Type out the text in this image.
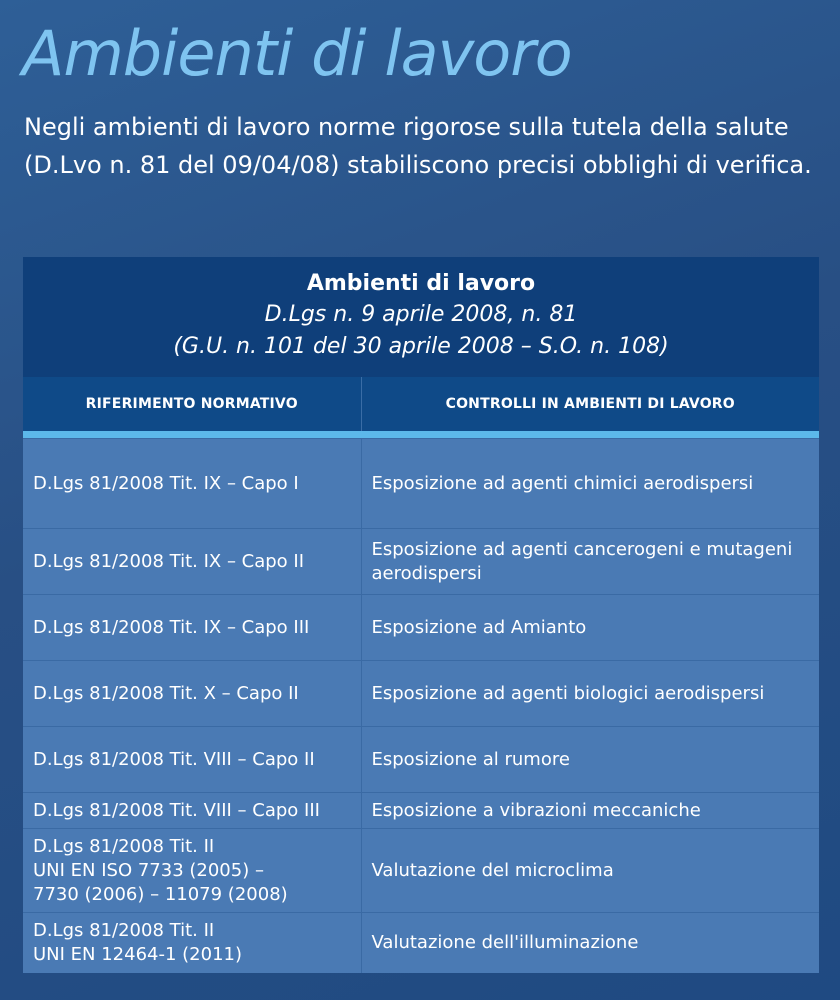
Ambienti di lavoro

Negli ambienti di lavoro norme rigorose sulla tutela della salute (D.Lvo n. 81 del 09/04/08) stabiliscono precisi obblighi di verifica.

Ambienti di lavoro
D.Lgs n. 9 aprile 2008, n. 81
(G.U. n. 101 del 30 aprile 2008 – S.O. n. 108)	

RIFERIMENTO NORMATIVO	CONTROLLI IN AMBIENTI DI LAVORO

D.Lgs 81/2008 Tit. IX – Capo I	Esposizione ad agenti chimici aerodispersi
D.Lgs 81/2008 Tit. IX – Capo II	Esposizione ad agenti cancerogeni e mutageni aerodispersi
D.Lgs 81/2008 Tit. IX – Capo III	Esposizione ad Amianto
D.Lgs 81/2008 Tit. X – Capo II	Esposizione ad agenti biologici aerodispersi
D.Lgs 81/2008 Tit. VIII – Capo II	Esposizione al rumore
D.Lgs 81/2008 Tit. VIII – Capo III	Esposizione a vibrazioni meccaniche
D.Lgs 81/2008 Tit. II
UNI EN ISO 7733 (2005) –
7730 (2006) – 11079 (2008)	Valutazione del microclima
D.Lgs 81/2008 Tit. II
UNI EN 12464-1 (2011)	Valutazione dell'illuminazione
